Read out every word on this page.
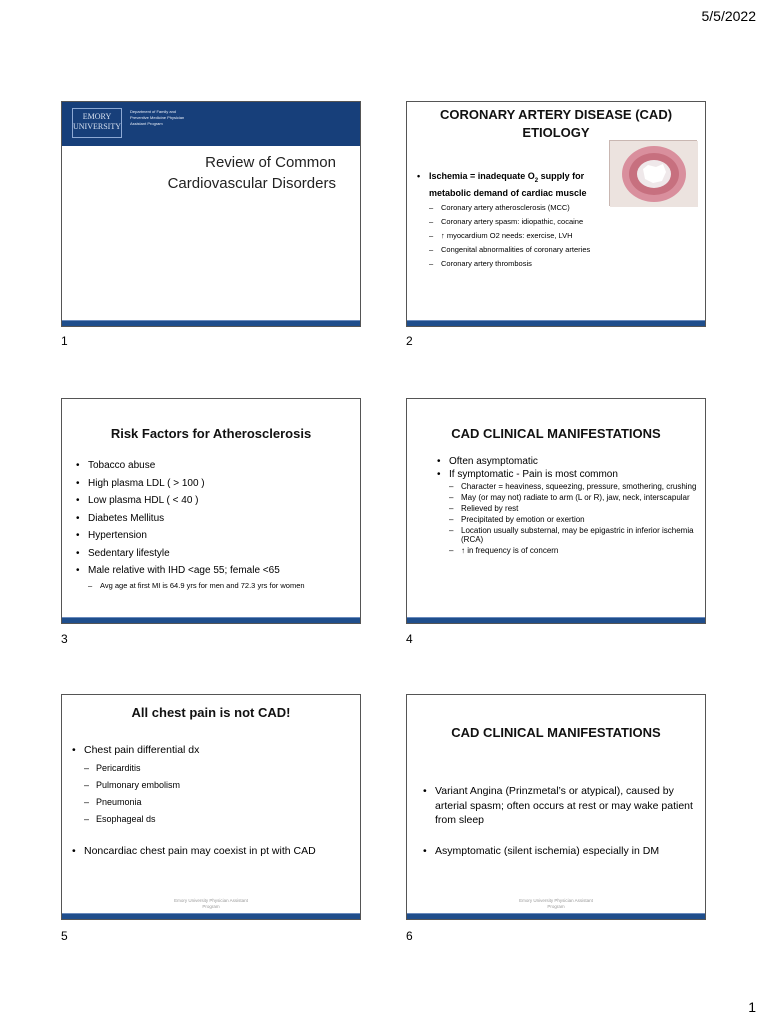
5/5/2022
EMORY UNIVERSITY
Department of Family and Preventive Medicine Physician Assistant Program
Review of Common Cardiovascular Disorders
1
CORONARY ARTERY DISEASE (CAD) ETIOLOGY
• Ischemia = inadequate $O_2$ supply for metabolic demand of cardiac muscle
– Coronary artery atherosclerosis (MCC)
– Coronary artery spasm: idiopathic, cocaine
– ↑ myocardium O2 needs: exercise, LVH
– Congenital abnormalities of coronary arteries
– Coronary artery thrombosis
2
Risk Factors for Atherosclerosis
• Tobacco abuse
• High plasma LDL ( > 100 )
• Low plasma HDL ( < 40 )
• Diabetes Mellitus
• Hypertension
• Sedentary lifestyle
• Male relative with IHD <age 55; female <65
– Avg age at first MI is 64.9 yrs for men and 72.3 yrs for women
3
CAD CLINICAL MANIFESTATIONS
• Often asymptomatic
• If symptomatic - Pain is most common
– Character = heaviness, squeezing, pressure, smothering, crushing
– May (or may not) radiate to arm (L or R), jaw, neck, interscapular
– Relieved by rest
– Precipitated by emotion or exertion
– Location usually substernal, may be epigastric in inferior ischemia (RCA)
– ↑ in frequency is of concern
4
All chest pain is not CAD!
• Chest pain differential dx
– Pericarditis
– Pulmonary embolism
– Pneumonia
– Esophageal ds
• Noncardiac chest pain may coexist in pt with CAD
Emory University Physician Assistant Program
5
CAD CLINICAL MANIFESTATIONS
• Variant Angina (Prinzmetal’s or atypical), caused by arterial spasm; often occurs at rest or may wake patient from sleep
• Asymptomatic (silent ischemia) especially in DM
Emory University Physician Assistant Program
6
1
